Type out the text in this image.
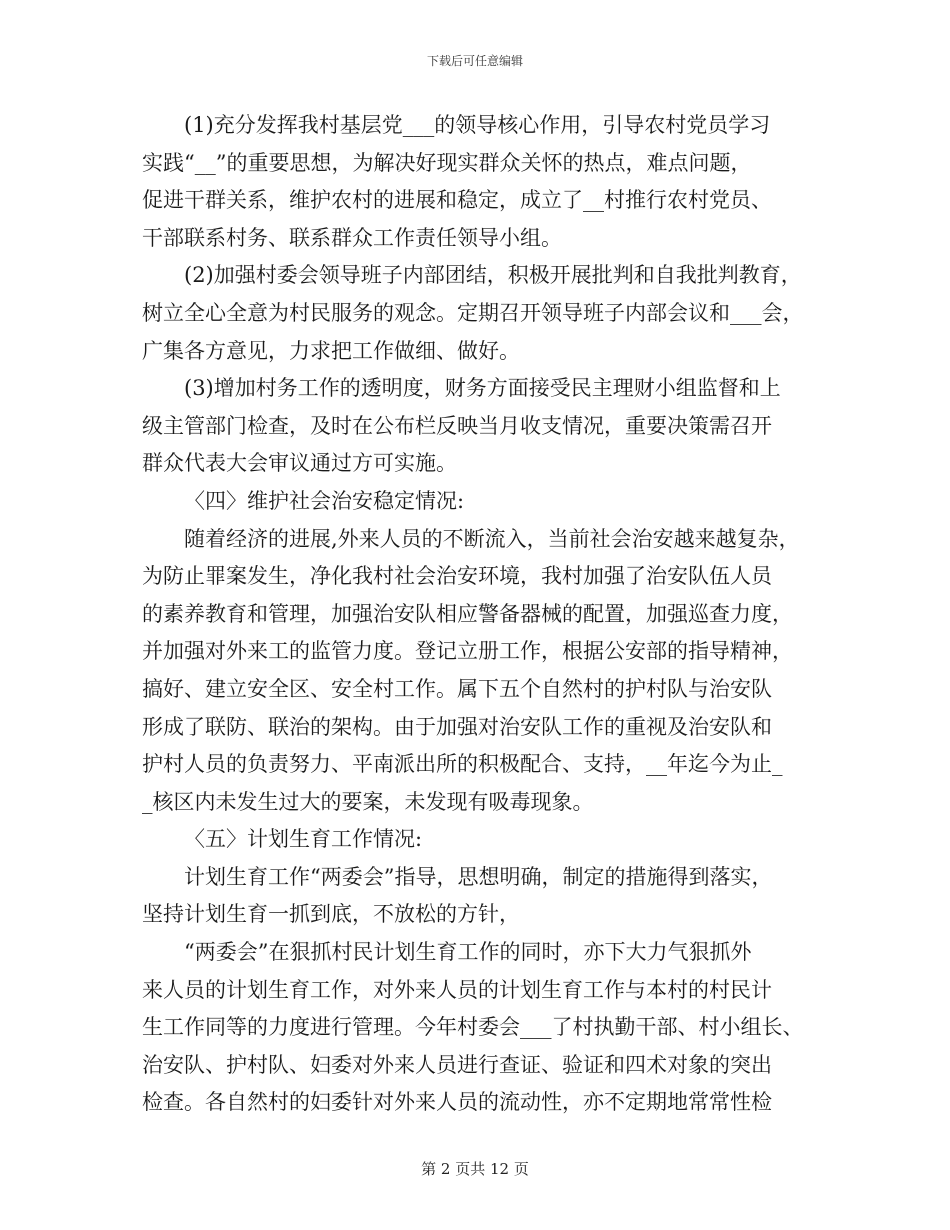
下载后可任意编辑
(1)充分发挥我村基层党___的领导核心作用，引导农村党员学习
实践“__”的重要思想，为解决好现实群众关怀的热点，难点问题，
促进干群关系，维护农村的进展和稳定，成立了__村推行农村党员、
干部联系村务、联系群众工作责任领导小组。
(2)加强村委会领导班子内部团结，积极开展批判和自我批判教育，
树立全心全意为村民服务的观念。定期召开领导班子内部会议和___会，
广集各方意见，力求把工作做细、做好。
(3)增加村务工作的透明度，财务方面接受民主理财小组监督和上
级主管部门检查，及时在公布栏反映当月收支情况，重要决策需召开
群众代表大会审议通过方可实施。
〈四〉维护社会治安稳定情况:
随着经济的进展,外来人员的不断流入，当前社会治安越来越复杂，
为防止罪案发生，净化我村社会治安环境，我村加强了治安队伍人员
的素养教育和管理，加强治安队相应警备器械的配置，加强巡查力度，
并加强对外来工的监管力度。登记立册工作，根据公安部的指导精神，
搞好、建立安全区、安全村工作。属下五个自然村的护村队与治安队
形成了联防、联治的架构。由于加强对治安队工作的重视及治安队和
护村人员的负责努力、平南派出所的积极配合、支持，__年迄今为止_
_核区内未发生过大的要案，未发现有吸毒现象。
〈五〉计划生育工作情况:
计划生育工作“两委会”指导，思想明确，制定的措施得到落实，
坚持计划生育一抓到底，不放松的方针，
“两委会”在狠抓村民计划生育工作的同时，亦下大力气狠抓外
来人员的计划生育工作，对外来人员的计划生育工作与本村的村民计
生工作同等的力度进行管理。今年村委会___了村执勤干部、村小组长、
治安队、护村队、妇委对外来人员进行查证、验证和四术对象的突出
检查。各自然村的妇委针对外来人员的流动性，亦不定期地常常性检
第 2 页共 12 页
